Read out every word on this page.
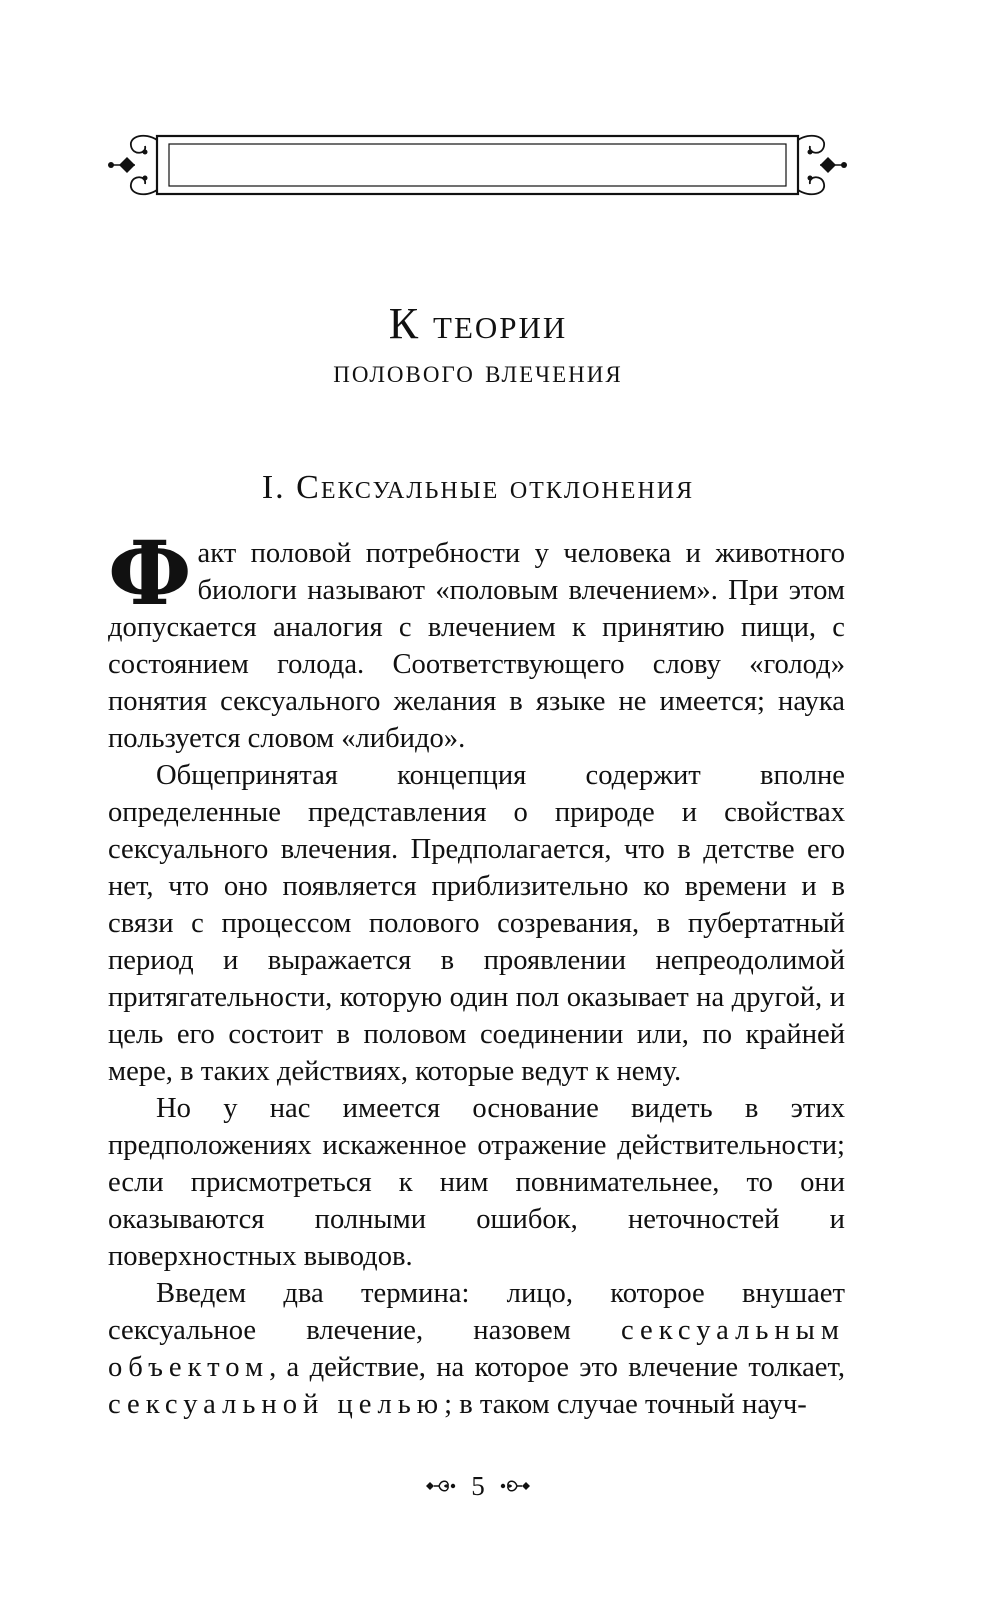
К теории
полового влечения
I. Сексуальные отклонения

Факт половой потребности у человека и животного биологи называют «половым влечением». При этом допускается аналогия с влечением к принятию пищи, с состоянием голода. Соответствующего слову «голод» понятия сексуального желания в языке не имеется; наука пользуется словом «либидо».

Общепринятая концепция содержит вполне определенные представления о природе и свойствах сексуального влечения. Предполагается, что в детстве его нет, что оно появляется приблизительно ко времени и в связи с процессом полового созревания, в пубертатный период и выражается в проявлении непреодолимой притягательности, которую один пол оказывает на другой, и цель его состоит в половом соединении или, по крайней мере, в таких действиях, которые ведут к нему.

Но у нас имеется основание видеть в этих предположениях искаженное отражение действительности; если присмотреться к ним повнимательнее, то они оказываются полными ошибок, неточностей и поверхностных выводов.

Введем два термина: лицо, которое внушает сексуальное влечение, назовем сексуальным объектом, а действие, на которое это влечение толкает, сексуальной целью; в таком случае точный науч-

5
